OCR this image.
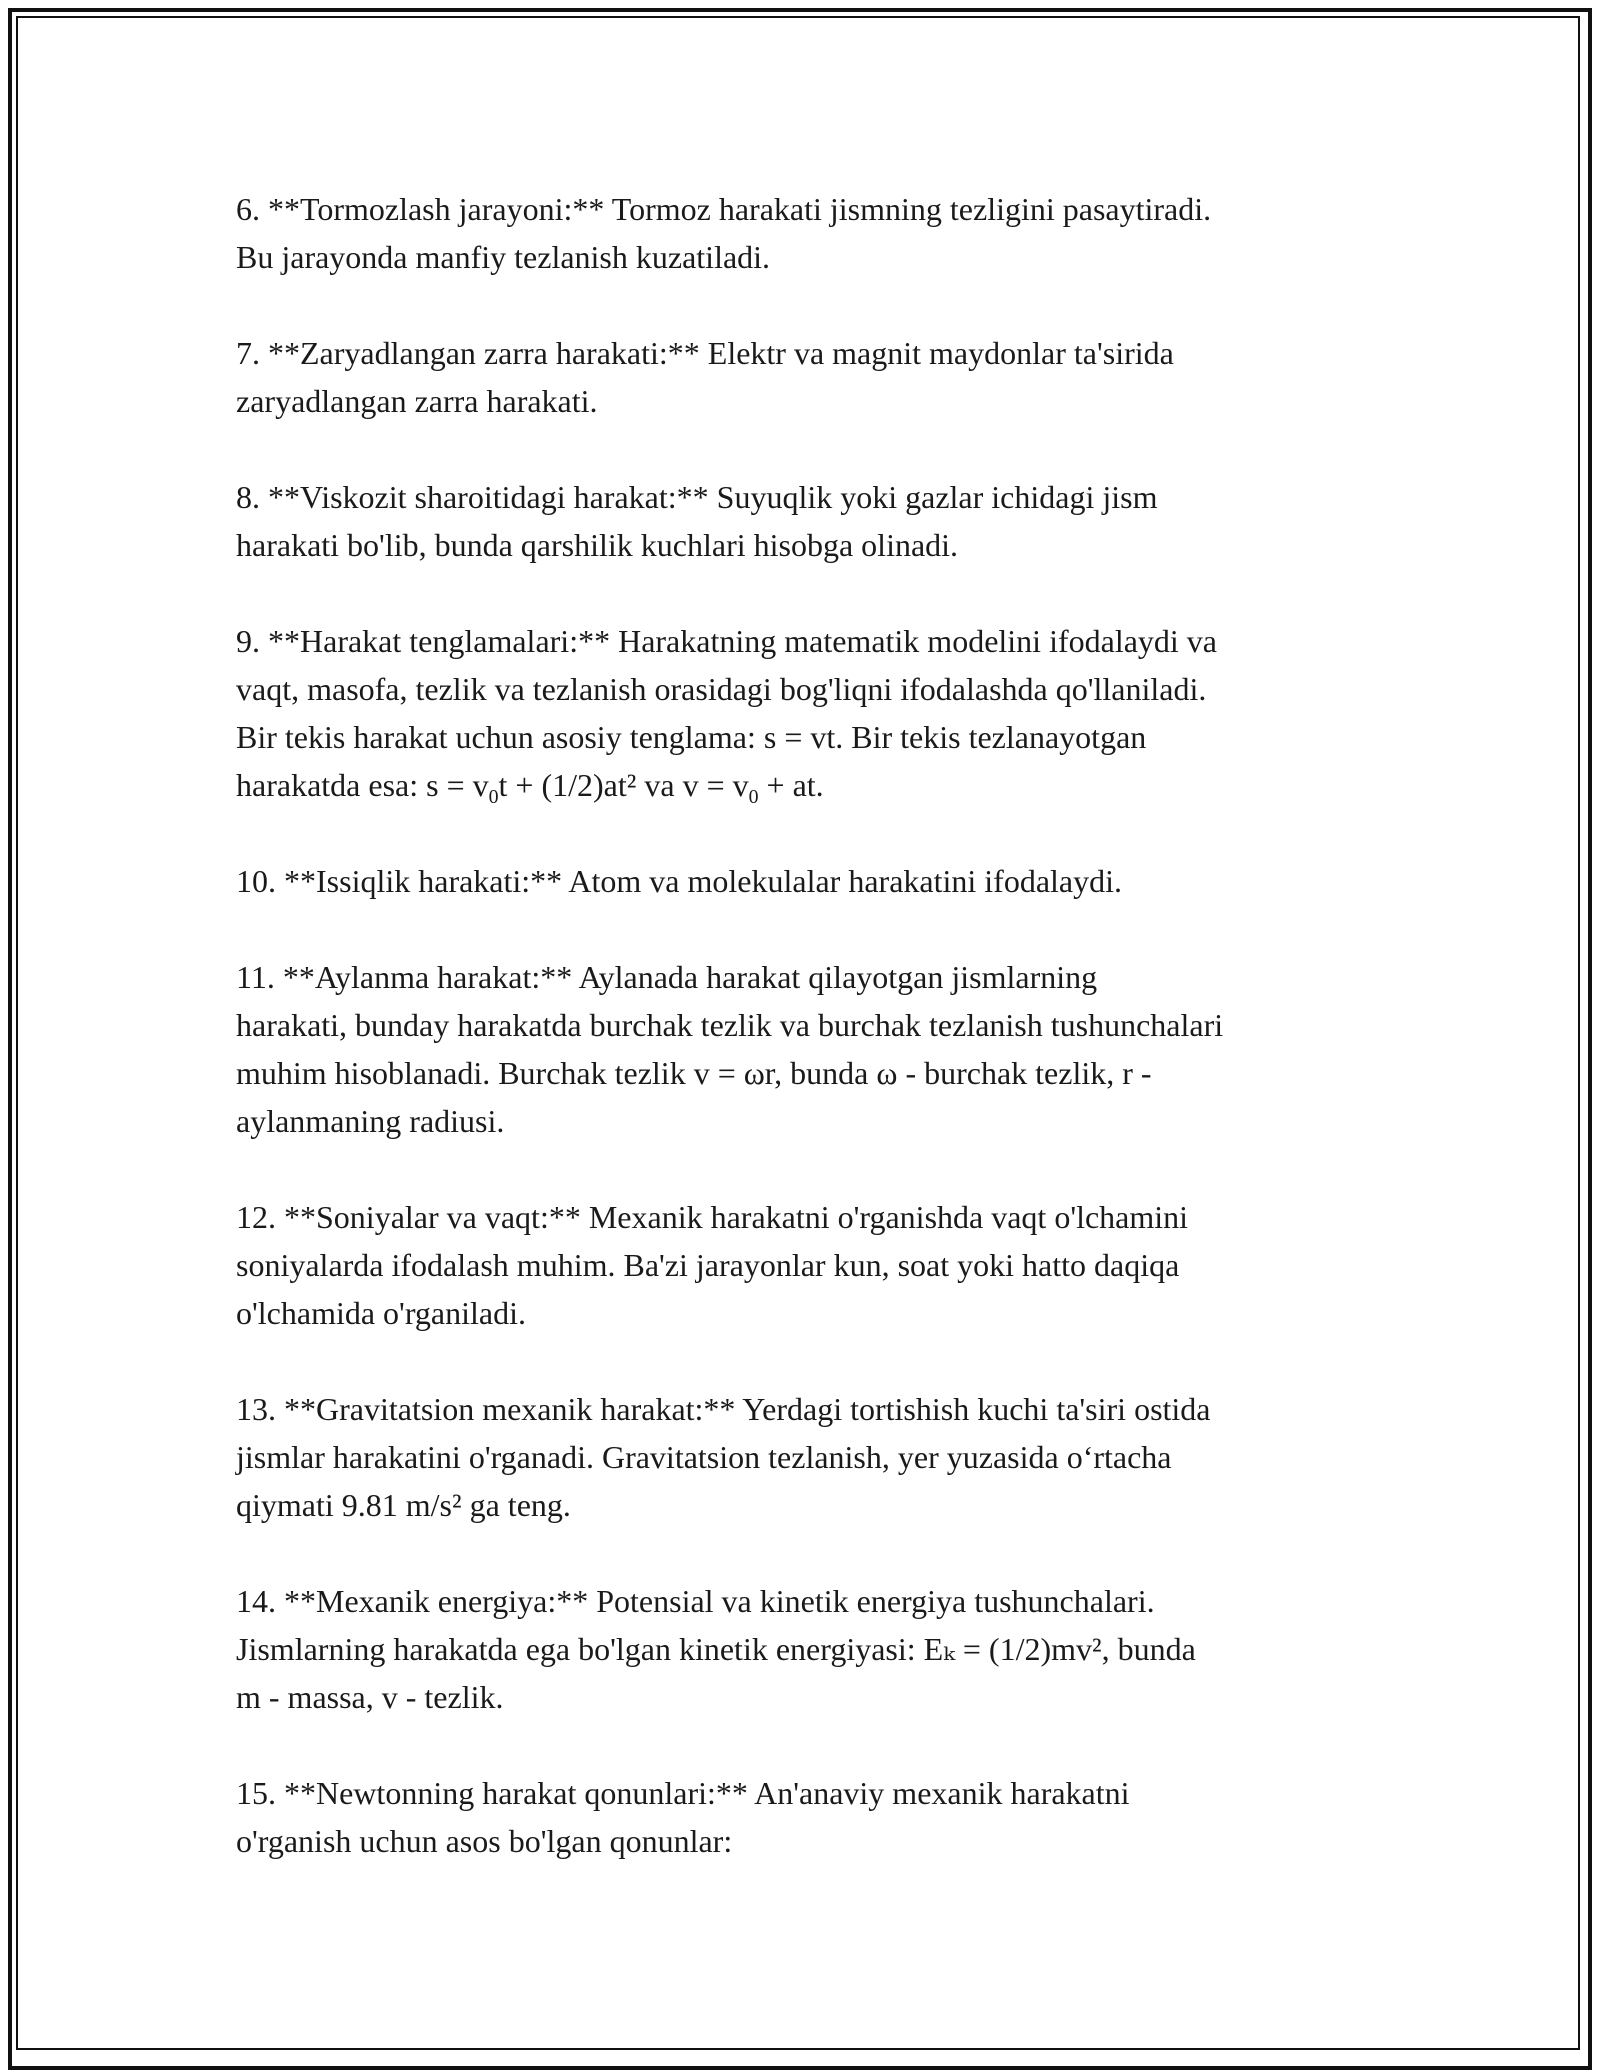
6. **Tormozlash jarayoni:** Tormoz harakati jismning tezligini pasaytiradi.
Bu jarayonda manfiy tezlanish kuzatiladi.
7. **Zaryadlangan zarra harakati:** Elektr va magnit maydonlar ta'sirida
zaryadlangan zarra harakati.
8. **Viskozit sharoitidagi harakat:** Suyuqlik yoki gazlar ichidagi jism
harakati bo'lib, bunda qarshilik kuchlari hisobga olinadi.
9. **Harakat tenglamalari:** Harakatning matematik modelini ifodalaydi va
vaqt, masofa, tezlik va tezlanish orasidagi bog'liqni ifodalashda qo'llaniladi.
Bir tekis harakat uchun asosiy tenglama: s = vt. Bir tekis tezlanayotgan
harakatda esa: $s = v_0t + (1/2)at^2$ va $v = v_0$ + at.
10. **Issiqlik harakati:** Atom va molekulalar harakatini ifodalaydi.
11. **Aylanma harakat:** Aylanada harakat qilayotgan jismlarning
harakati, bunday harakatda burchak tezlik va burchak tezlanish tushunchalari
muhim hisoblanadi. Burchak tezlik v = ωr, bunda ω - burchak tezlik, r -
aylanmaning radiusi.
12. **Soniyalar va vaqt:** Mexanik harakatni o'rganishda vaqt o'lchamini
soniyalarda ifodalash muhim. Ba'zi jarayonlar kun, soat yoki hatto daqiqa
o'lchamida o'rganiladi.
13. **Gravitatsion mexanik harakat:** Yerdagi tortishish kuchi ta'siri ostida
jismlar harakatini o'rganadi. Gravitatsion tezlanish, yer yuzasida o‘rtacha
qiymati 9.81 m/s² ga teng.
14. **Mexanik energiya:** Potensial va kinetik energiya tushunchalari.
Jismlarning harakatda ega bo'lgan kinetik energiyasi: Eₖ = (1/2)mv², bunda
m - massa, v - tezlik.
15. **Newtonning harakat qonunlari:** An'anaviy mexanik harakatni
o'rganish uchun asos bo'lgan qonunlar:
